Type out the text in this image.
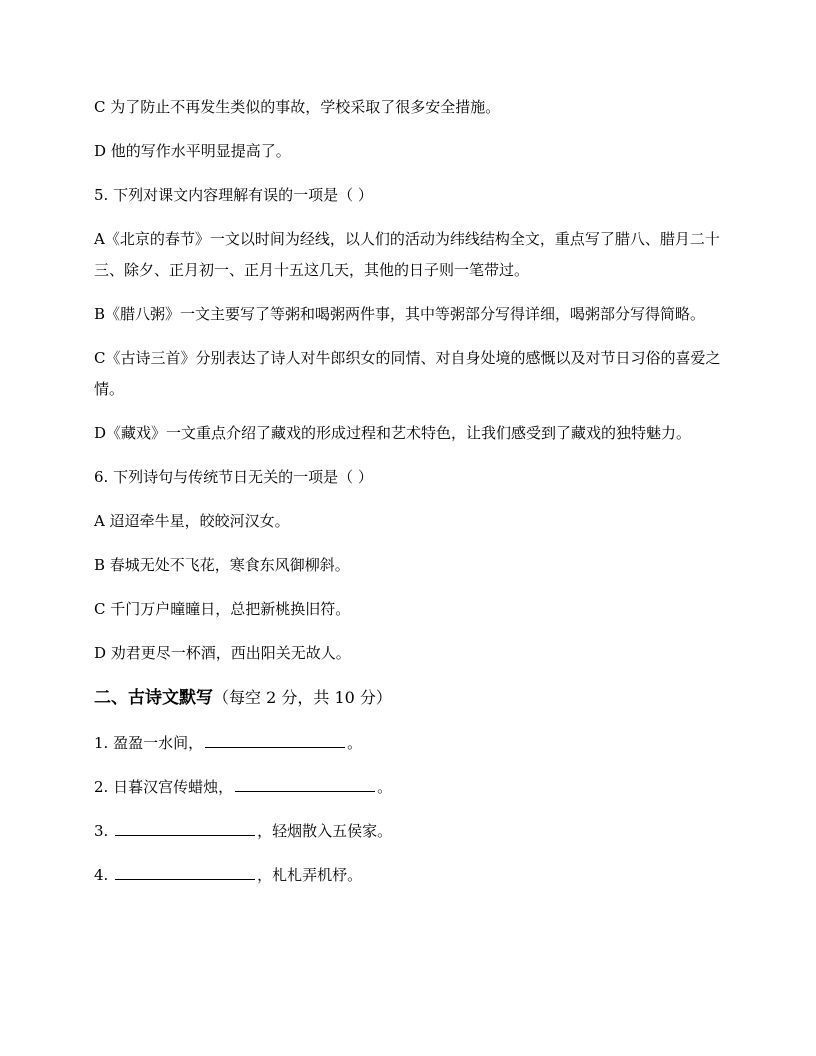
C 为了防止不再发生类似的事故，学校采取了很多安全措施。

D 他的写作水平明显提高了。

5. 下列对课文内容理解有误的一项是（ ）

A《北京的春节》一文以时间为经线，以人们的活动为纬线结构全文，重点写了腊八、腊月二十三、除夕、正月初一、正月十五这几天，其他的日子则一笔带过。

B《腊八粥》一文主要写了等粥和喝粥两件事，其中等粥部分写得详细，喝粥部分写得简略。

C《古诗三首》分别表达了诗人对牛郎织女的同情、对自身处境的感慨以及对节日习俗的喜爱之情。

D《藏戏》一文重点介绍了藏戏的形成过程和艺术特色，让我们感受到了藏戏的独特魅力。

6. 下列诗句与传统节日无关的一项是（ ）

A 迢迢牵牛星，皎皎河汉女。

B 春城无处不飞花，寒食东风御柳斜。

C 千门万户曈曈日，总把新桃换旧符。

D 劝君更尽一杯酒，西出阳关无故人。

二、古诗文默写（每空 2 分，共 10 分）

1. 盈盈一水间，	。

2. 日暮汉宫传蜡烛，	。

3.	，轻烟散入五侯家。

4.	，札札弄机杼。
